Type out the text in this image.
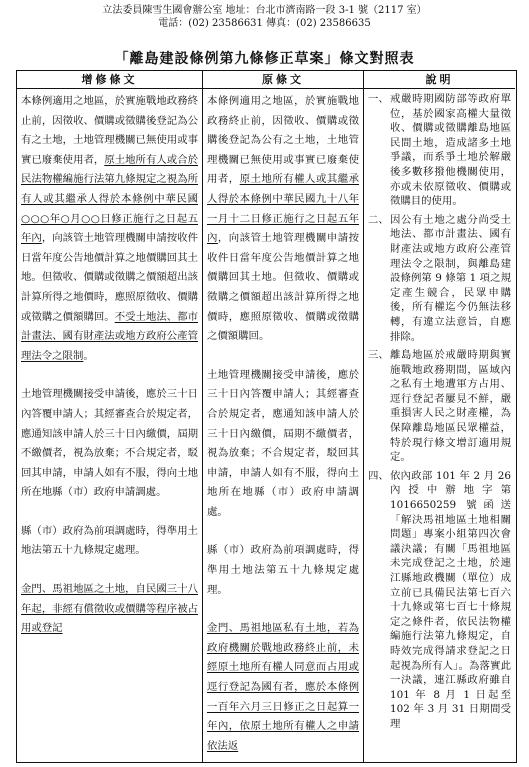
立法委員陳雪生國會辦公室 地址：台北市濟南路一段 3-1 號（2117 室）
電話：(02) 23586631 傳真：(02) 23586635
「離島建設條例第九條修正草案」條文對照表
增修條文

本條例適用之地區，於實施戰地政務終止前，因徵收、價購或徵購後登記為公有之土地，土地管理機關已無使用或事實已廢棄使用者，原土地所有人或合於民法物權編施行法第九條規定之視為所有人或其繼承人得於本條例中華民國○○○年○月○○日修正施行之日起五年內，向該管土地管理機關申請按收件日當年度公告地價計算之地價購回其土地。但徵收、價購或徵購之價額超出該計算所得之地價時，應照原徵收、價購或徵購之價額購回。不受土地法、都市計畫法、國有財產法或地方政府公產管理法令之限制。

土地管理機關接受申請後，應於三十日內答覆申請人；其經審查合於規定者，應通知該申請人於三十日內繳價，屆期不繳價者，視為放棄；不合規定者，駁回其申請，申請人如有不服，得向土地所在地縣（市）政府申請調處。

縣（市）政府為前項調處時，得準用土地法第五十九條規定處理。

金門、馬祖地區之土地，自民國三十八年起，非經有償徵收或價購等程序被占用或登記

原條文

本條例適用之地區，於實施戰地政務終止前，因徵收、價購或徵購後登記為公有之土地，土地管理機關已無使用或事實已廢棄使用者，原土地所有權人或其繼承人得於本條例中華民國九十八年一月十二日修正施行之日起五年內，向該管土地管理機關申請按收件日當年度公告地價計算之地價購回其土地。但徵收、價購或徵購之價額超出該計算所得之地價時，應照原徵收、價購或徵購之價額購回。

土地管理機關接受申請後，應於三十日內答覆申請人；其經審查合於規定者，應通知該申請人於三十日內繳價，屆期不繳價者，視為放棄；不合規定者，駁回其申請，申請人如有不服，得向土地所在地縣（市）政府申請調處。

縣（市）政府為前項調處時，得準用土地法第五十九條規定處理。

金門、馬祖地區私有土地，若為政府機關於戰地政務終止前，未經原土地所有權人同意而占用或逕行登記為國有者，應於本條例一百年六月三日修正之日起算一年內，依原土地所有權人之申請依法返

說明
一、 戒嚴時期國防部等政府單位，基於國家高權大量徵收、價購或徵購離島地區民間土地，造成諸多土地爭議，而系爭土地於解嚴後多數移撥他機關使用，亦或未依原徵收、價購或徵購目的使用。
二、 因公有土地之處分尚受土地法、都市計畫法、國有財產法或地方政府公產管理法令之限制，與離島建設條例第 9 條第 1 項之規定產生競合，民眾申購後，所有權迄今仍無法移轉，有違立法意旨，自應排除。
三、 離島地區於戒嚴時期與實施戰地政務期間，區域內之私有土地遭軍方占用、逕行登記者屢見不鮮，嚴重損害人民之財產權，為保障離島地區民眾權益，特於現行條文增訂適用規定。
四、 依內政部 101 年 2 月 26 內授中辦地字第 1016650259 號函送「解決馬祖地區土地相關問題」專案小組第四次會議決議；有關「馬祖地區未完成登記之土地，於連江縣地政機關（單位）成立前已具備民法第七百六十九條或第七百七十條規定之條件者，依民法物權編施行法第九條規定，自時效完成得請求登記之日起視為所有人」。為落實此一決議，連江縣政府雖自 101 年 8 月 1 日起至 102 年 3 月 31 日期間受理
